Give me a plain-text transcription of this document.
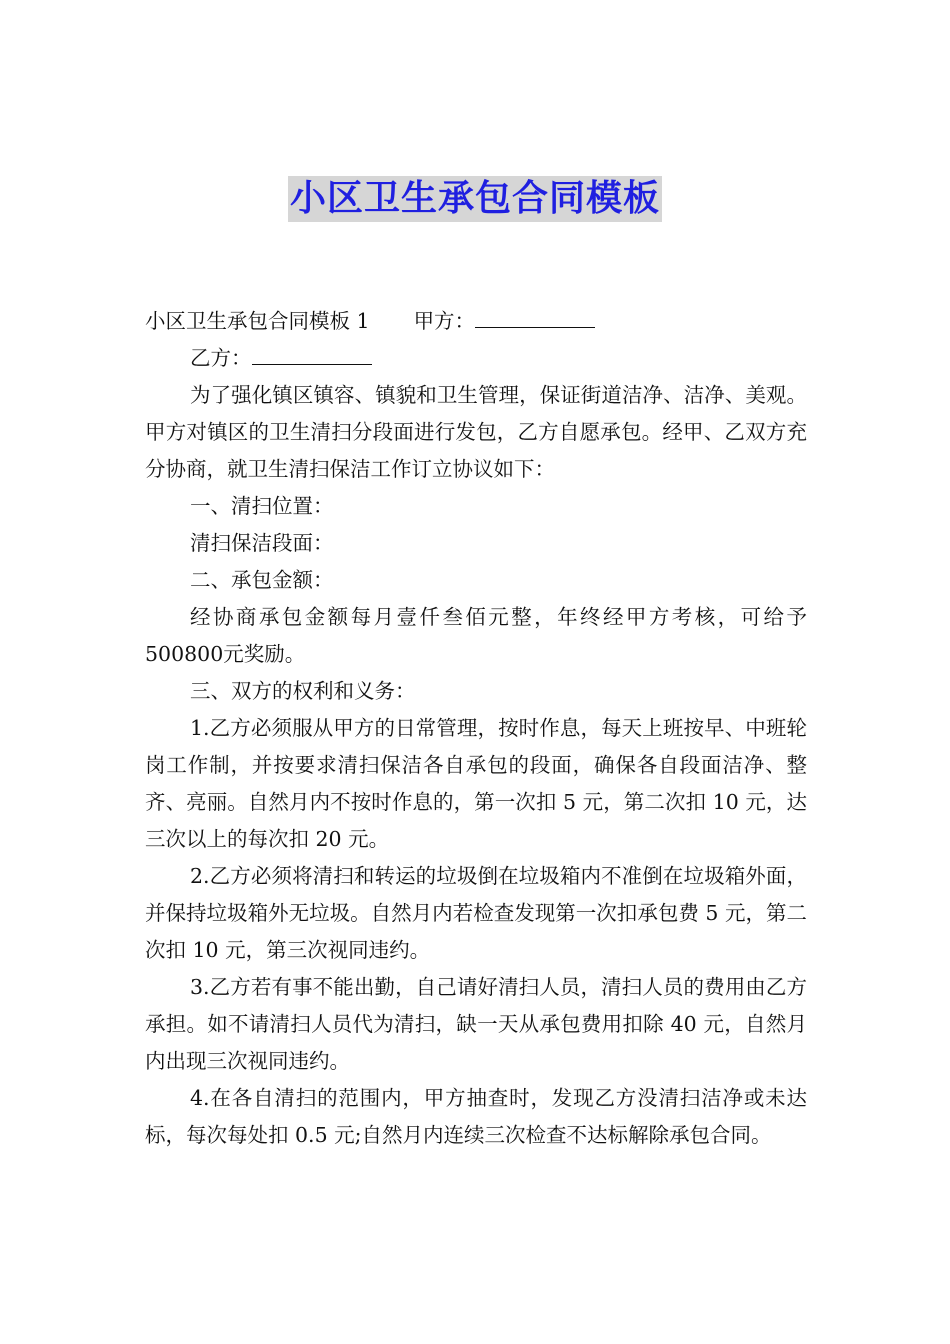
小区卫生承包合同模板

小区卫生承包合同模板 1 甲方：

乙方：

为了强化镇区镇容、镇貌和卫生管理，保证街道洁净、洁净、美观。甲方对镇区的卫生清扫分段面进行发包，乙方自愿承包。经甲、乙双方充分协商，就卫生清扫保洁工作订立协议如下：

一、清扫位置：

清扫保洁段面：

二、承包金额：

经协商承包金额每月壹仟叁佰元整，年终经甲方考核，可给予500800元奖励。

三、双方的权利和义务：

1.乙方必须服从甲方的日常管理，按时作息，每天上班按早、中班轮岗工作制，并按要求清扫保洁各自承包的段面，确保各自段面洁净、整齐、亮丽。自然月内不按时作息的，第一次扣 5 元，第二次扣 10 元，达三次以上的每次扣 20 元。

2.乙方必须将清扫和转运的垃圾倒在垃圾箱内不准倒在垃圾箱外面，并保持垃圾箱外无垃圾。自然月内若检查发现第一次扣承包费 5 元，第二次扣 10 元，第三次视同违约。

3.乙方若有事不能出勤，自己请好清扫人员，清扫人员的费用由乙方承担。如不请清扫人员代为清扫，缺一天从承包费用扣除 40 元，自然月内出现三次视同违约。

4.在各自清扫的范围内，甲方抽查时，发现乙方没清扫洁净或未达标，每次每处扣 0.5 元;自然月内连续三次检查不达标解除承包合同。
